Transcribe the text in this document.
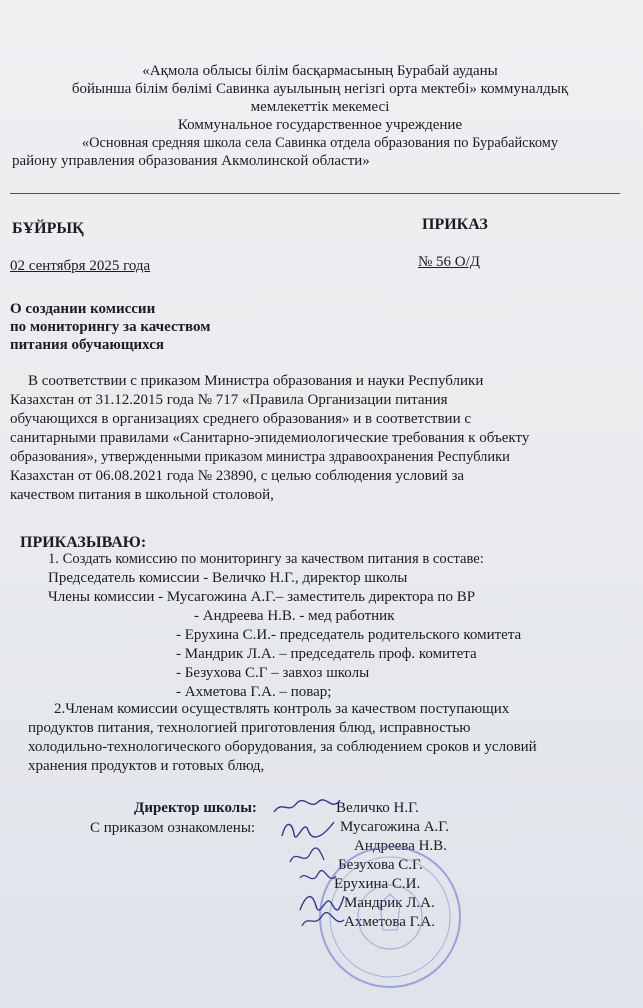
«Ақмола облысы білім басқармасының Бурабай ауданы
бойынша білім бөлімі Савинка ауылының негізгі орта мектебі» коммуналдық
мемлекеттік мекемесі
Коммунальное государственное учреждение
«Основная средняя школа села Савинка отдела образования по Бурабайскому
району управления образования Акмолинской области»
БҰЙРЫҚ	ПРИКАЗ
02 сентября 2025 года	№ 56 О/Д
О создании комиссии
по мониторингу за качеством
питания обучающихся
В соответствии с приказом Министра образования и науки Республики
Казахстан от 31.12.2015 года № 717 «Правила Организации питания
обучающихся в организациях среднего образования» и в соответствии с
санитарными правилами «Санитарно-эпидемиологические требования к объекту
образования», утвержденными приказом министра здравоохранения Республики
Казахстан от 06.08.2021 года № 23890, с целью соблюдения условий за
качеством питания в школьной столовой,
ПРИКАЗЫВАЮ:
1. Создать комиссию по мониторингу за качеством питания в составе:
Председатель комиссии - Величко Н.Г., директор школы
Члены комиссии - Мусагожина А.Г.– заместитель директора по ВР
- Андреева Н.В. - мед работник
- Ерухина С.И.- председатель родительского комитета
- Мандрик Л.А. – председатель проф. комитета
- Безухова С.Г – завхоз школы
- Ахметова Г.А. – повар;
2.Членам комиссии осуществлять контроль за качеством поступающих
продуктов питания, технологией приготовления блюд, исправностью
холодильно-технологического оборудования, за соблюдением сроков и условий
хранения продуктов и готовых блюд,
Директор школы:	Величко Н.Г.
С приказом ознакомлены:	Мусагожина А.Г.
Андреева Н.В.
Безухова С.Г.
Ерухина С.И.
Мандрик Л.А.
Ахметова Г.А.
